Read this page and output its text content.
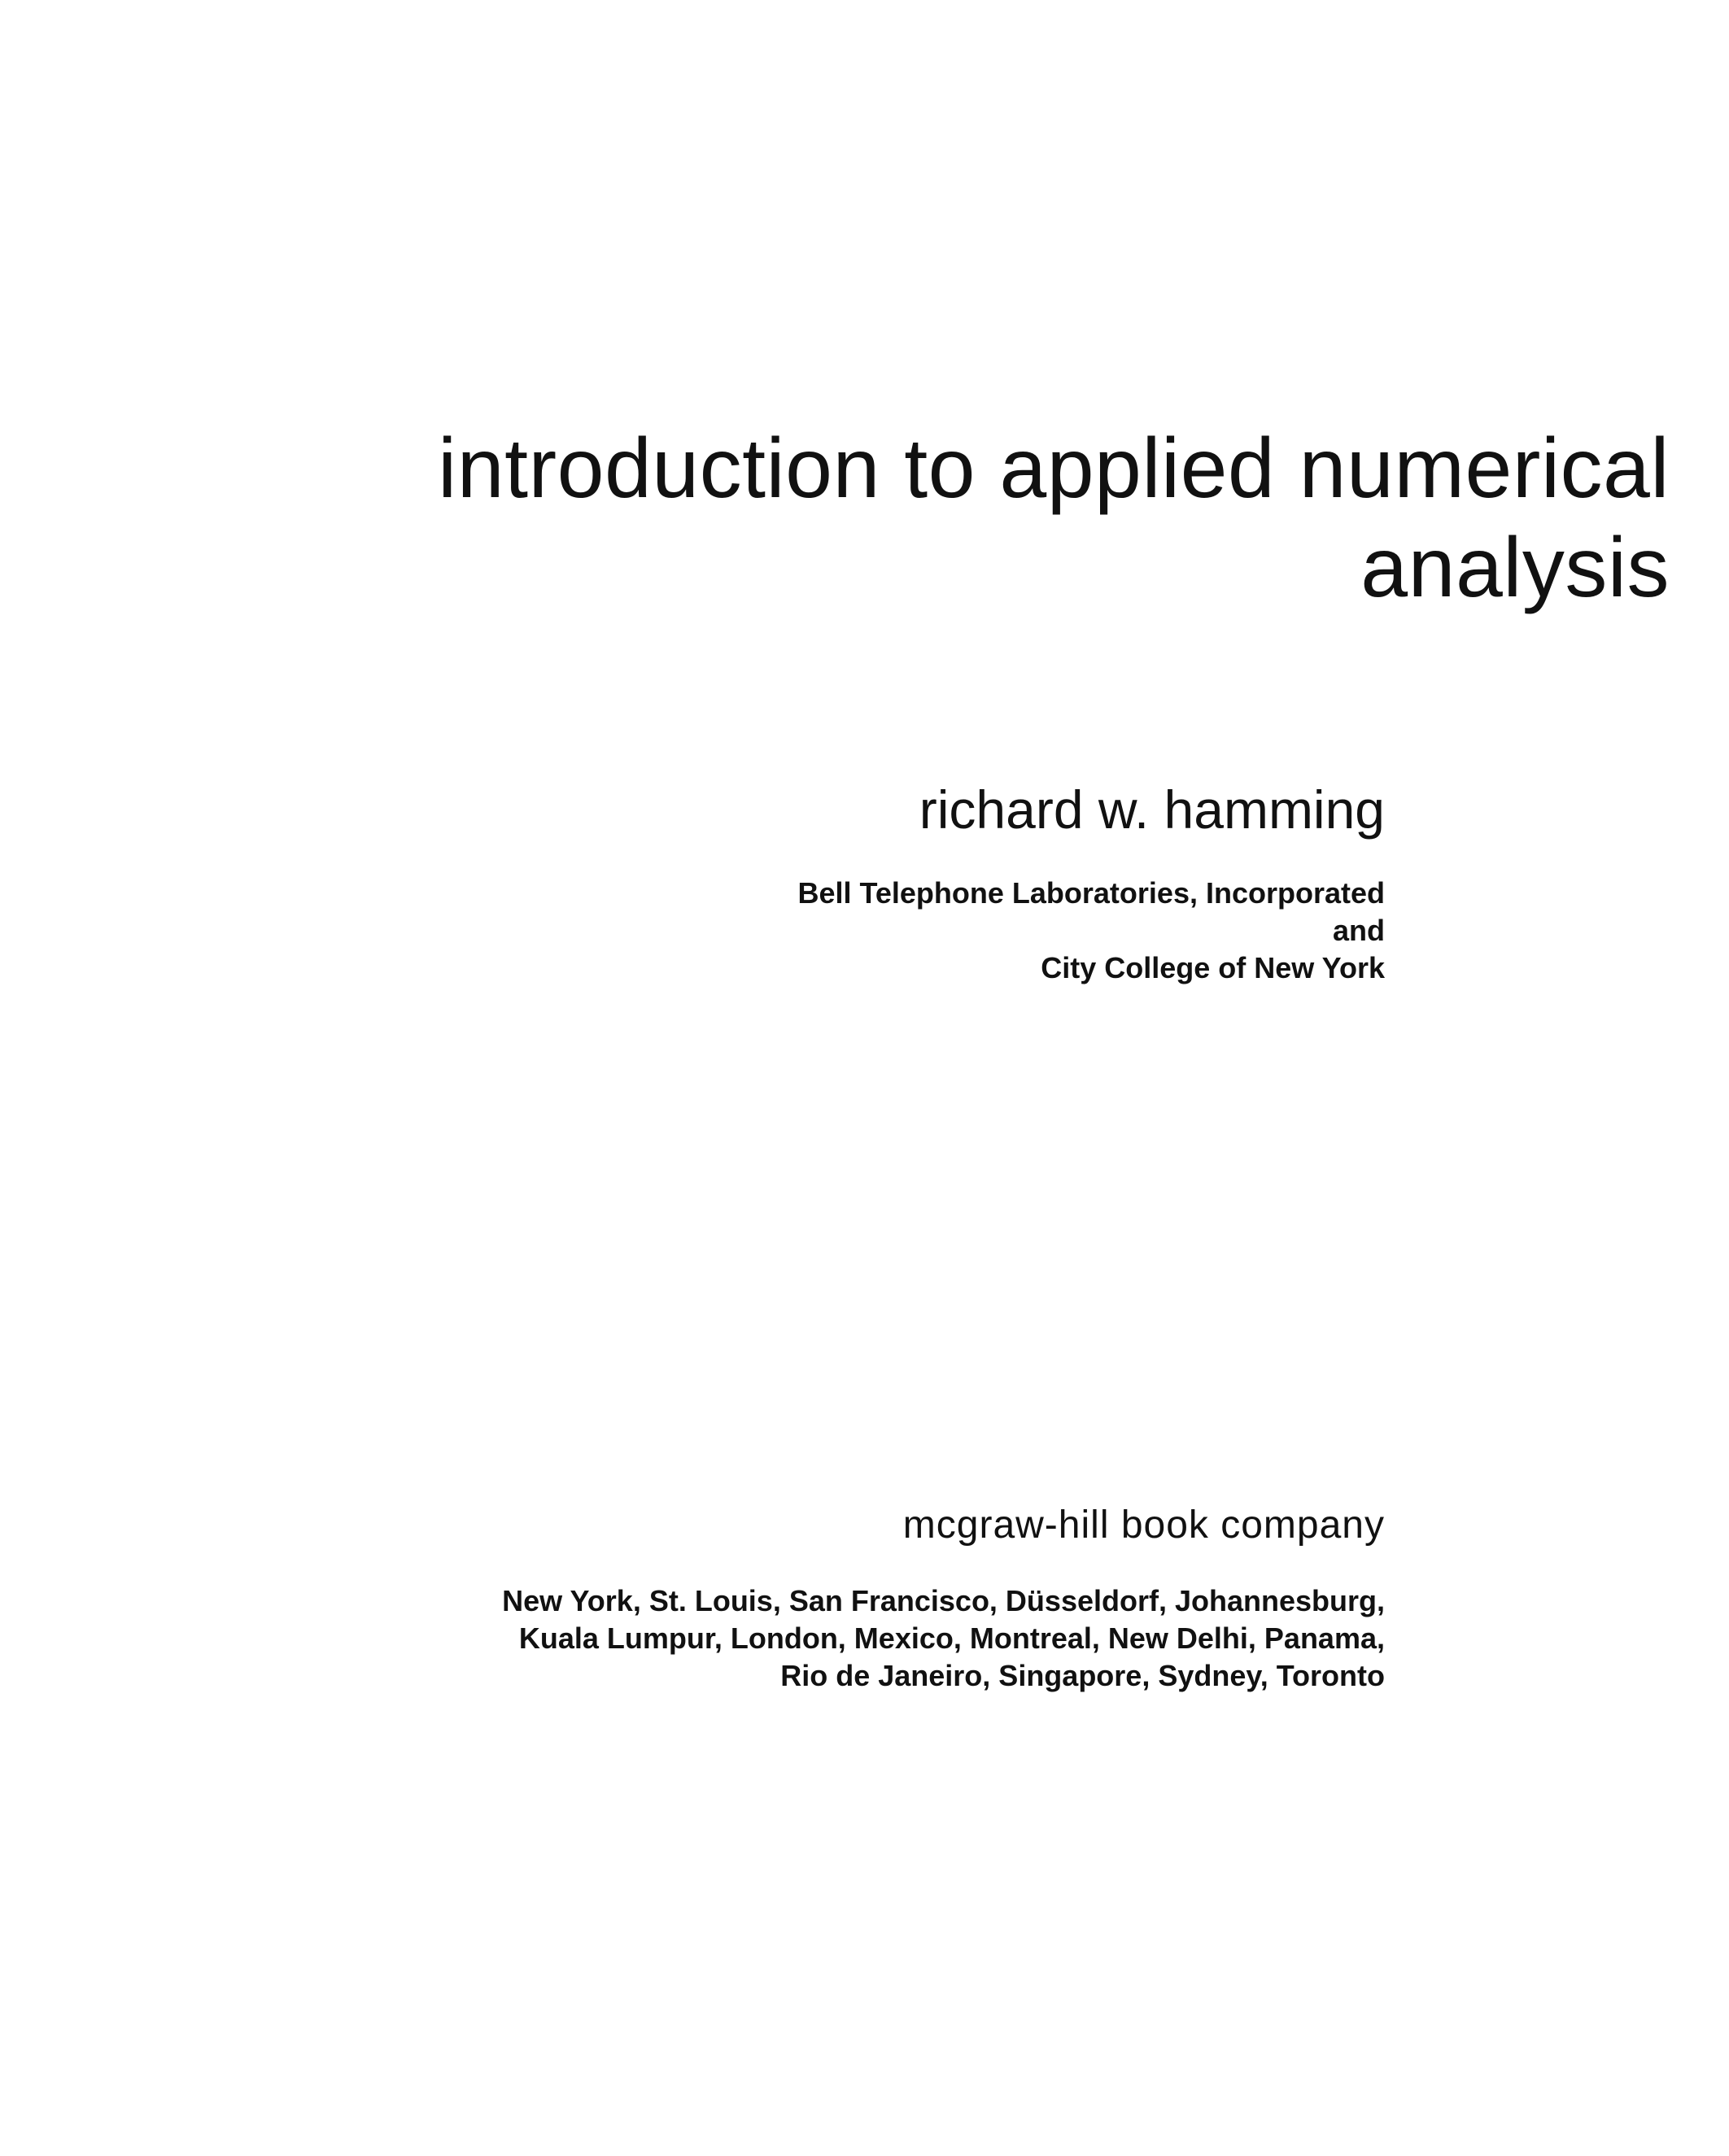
introduction to applied numerical
analysis
richard w. hamming
Bell Telephone Laboratories, Incorporated
and
City College of New York
mcgraw-hill book company
New York, St. Louis, San Francisco, Düsseldorf, Johannesburg,
Kuala Lumpur, London, Mexico, Montreal, New Delhi, Panama,
Rio de Janeiro, Singapore, Sydney, Toronto
